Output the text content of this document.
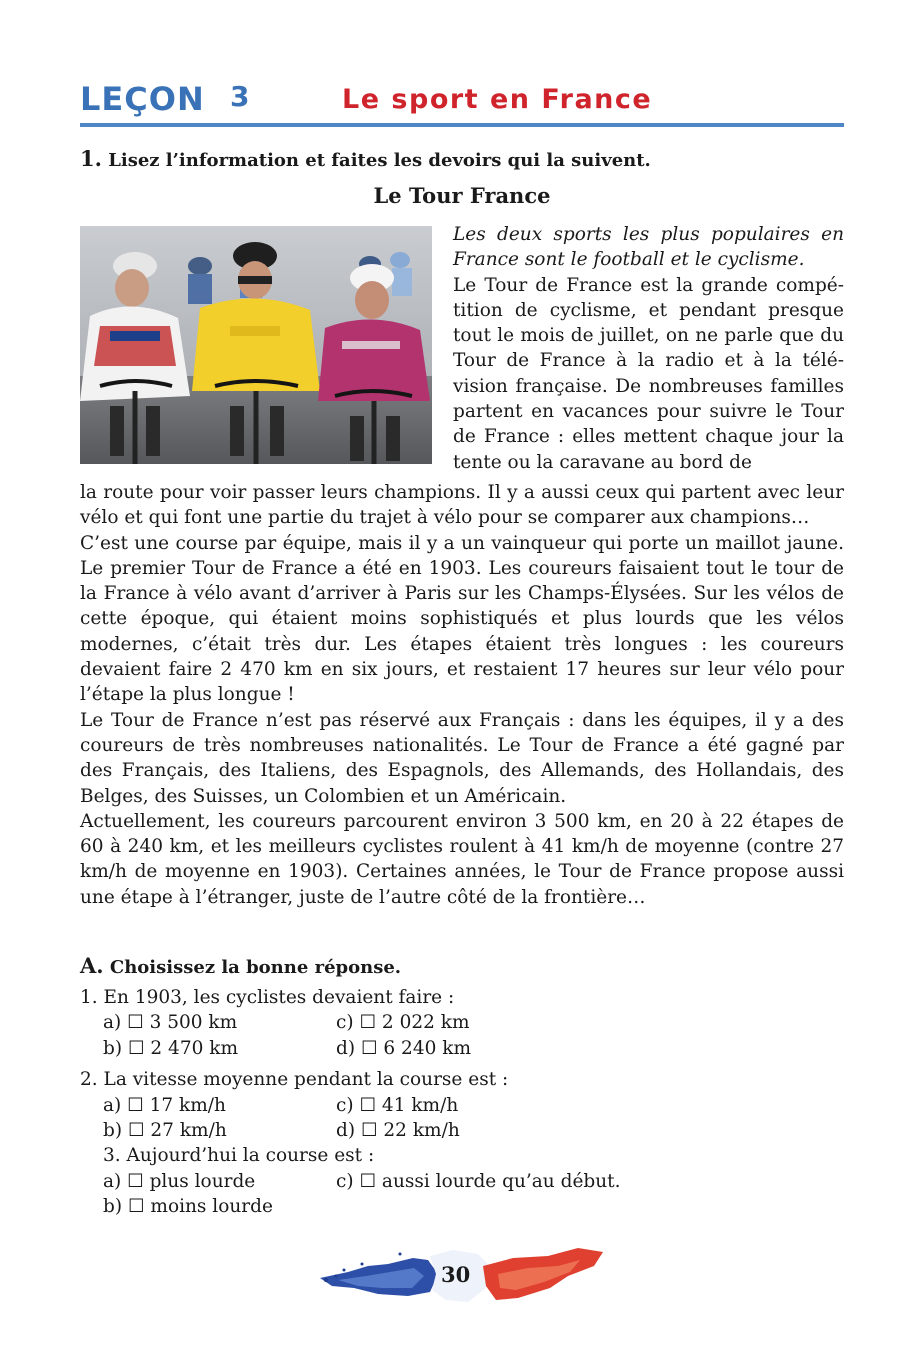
LEÇON 3	Le sport en France
1. Lisez l’information et faites les devoirs qui la suivent.
Le Tour France
Les deux sports les plus populaires en France sont le football et le cyclisme.

Le Tour de France est la grande compétition de cyclisme, et pendant presque tout le mois de juillet, on ne parle que du Tour de France à la radio et à la télévision française. De nombreuses familles partent en vacances pour suivre le Tour de France : elles mettent chaque jour la tente ou la caravane au bord de

la route pour voir passer leurs champions. Il y a aussi ceux qui partent avec leur vélo et qui font une partie du trajet à vélo pour se comparer aux champions…

C’est une course par équipe, mais il y a un vainqueur qui porte un maillot jaune. Le premier Tour de France a été en 1903. Les coureurs faisaient tout le tour de la France à vélo avant d’arriver à Paris sur les Champs-Élysées. Sur les vélos de cette époque, qui étaient moins sophistiqués et plus lourds que les vélos modernes, c’était très dur. Les étapes étaient très longues : les coureurs devaient faire 2 470 km en six jours, et restaient 17 heures sur leur vélo pour l’étape la plus longue !

Le Tour de France n’est pas réservé aux Français : dans les équipes, il y a des coureurs de très nombreuses nationalités. Le Tour de France a été gagné par des Français, des Italiens, des Espagnols, des Allemands, des Hollandais, des Belges, des Suisses, un Colombien et un Américain.

Actuellement, les coureurs parcourent environ 3 500 km, en 20 à 22 étapes de 60 à 240 km, et les meilleurs cyclistes roulent à 41 km/h de moyenne (contre 27 km/h de moyenne en 1903). Certaines années, le Tour de France propose aussi une étape à l’étranger, juste de l’autre côté de la frontière…

A. Choisissez la bonne réponse.
1. En 1903, les cyclistes devaient faire :
a) ☐ 3 500 km	c) ☐ 2 022 km
b) ☐ 2 470 km	d) ☐ 6 240 km
2. La vitesse moyenne pendant la course est :
a) ☐ 17 km/h	c) ☐ 41 km/h
b) ☐ 27 km/h	d) ☐ 22 km/h
3. Aujourd’hui la course est :
a) ☐ plus lourde	c) ☐ aussi lourde qu’au début.
b) ☐ moins lourde
30
